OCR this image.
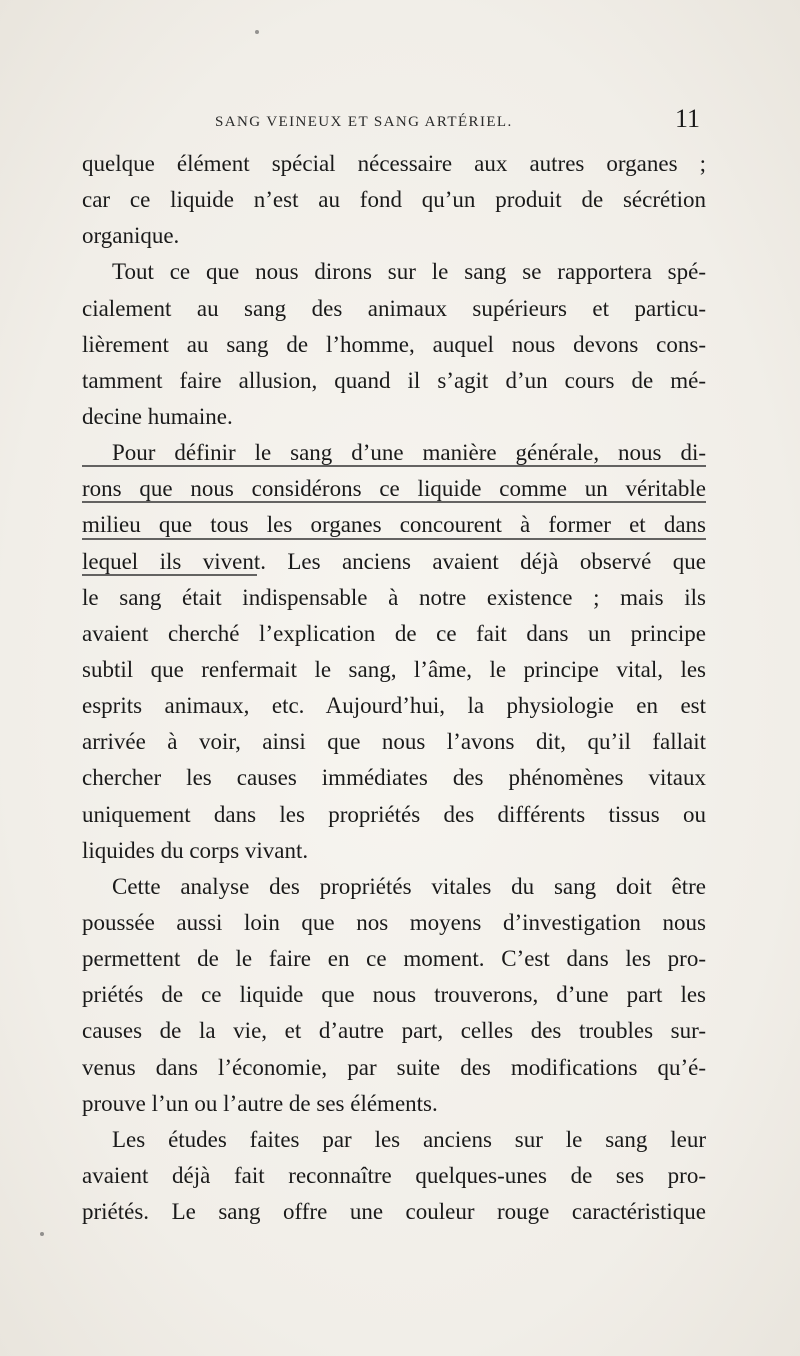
SANG VEINEUX ET SANG ARTÉRIEL.	11
quelque élément spécial nécessaire aux autres organes ;
car ce liquide n’est au fond qu’un produit de sécrétion
organique.
Tout ce que nous dirons sur le sang se rapportera spé-
cialement au sang des animaux supérieurs et particu-
lièrement au sang de l’homme, auquel nous devons cons-
tamment faire allusion, quand il s’agit d’un cours de mé-
decine humaine.
Pour définir le sang d’une manière générale, nous di-
rons que nous considérons ce liquide comme un véritable
milieu que tous les organes concourent à former et dans
lequel ils vivent. Les anciens avaient déjà observé que
le sang était indispensable à notre existence ; mais ils
avaient cherché l’explication de ce fait dans un principe
subtil que renfermait le sang, l’âme, le principe vital, les
esprits animaux, etc. Aujourd’hui, la physiologie en est
arrivée à voir, ainsi que nous l’avons dit, qu’il fallait
chercher les causes immédiates des phénomènes vitaux
uniquement dans les propriétés des différents tissus ou
liquides du corps vivant.
Cette analyse des propriétés vitales du sang doit être
poussée aussi loin que nos moyens d’investigation nous
permettent de le faire en ce moment. C’est dans les pro-
priétés de ce liquide que nous trouverons, d’une part les
causes de la vie, et d’autre part, celles des troubles sur-
venus dans l’économie, par suite des modifications qu’é-
prouve l’un ou l’autre de ses éléments.
Les études faites par les anciens sur le sang leur
avaient déjà fait reconnaître quelques-unes de ses pro-
priétés. Le sang offre une couleur rouge caractéristique
